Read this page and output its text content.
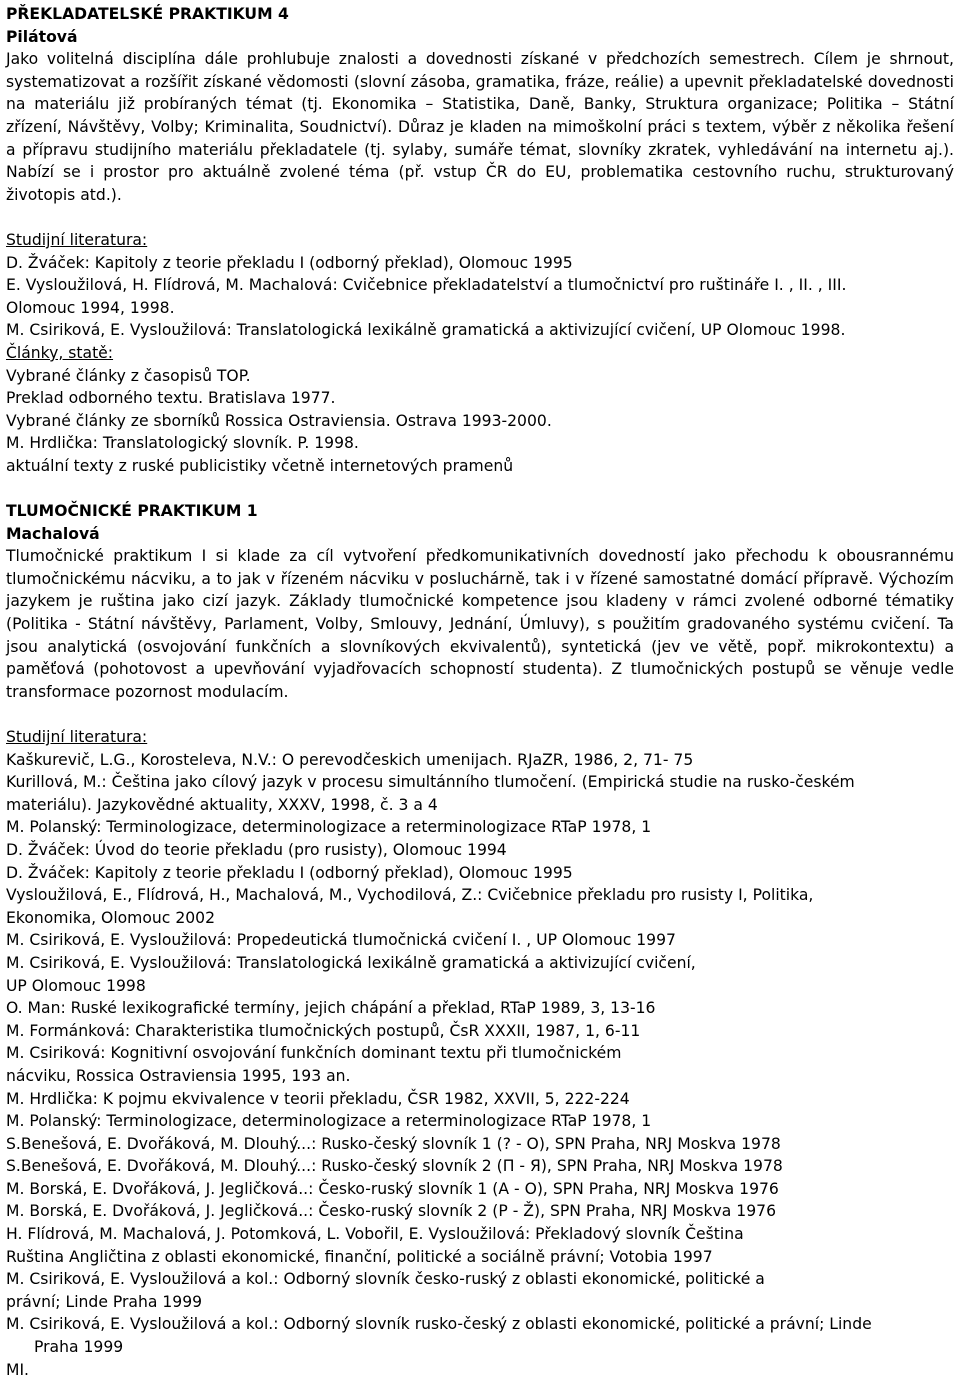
PŘEKLADATELSKÉ PRAKTIKUM 4
Pilátová

Jako volitelná disciplína dále prohlubuje znalosti a dovednosti získané v předchozích semestrech. Cílem je shrnout, systematizovat a rozšířit získané vědomosti (slovní zásoba, gramatika, fráze, reálie) a upevnit překladatelské dovednosti na materiálu již probíraných témat (tj. Ekonomika – Statistika, Daně, Banky, Struktura organizace; Politika – Státní zřízení, Návštěvy, Volby; Kriminalita, Soudnictví). Důraz je kladen na mimoškolní práci s textem, výběr z několika řešení a přípravu studijního materiálu překladatele (tj. sylaby, sumáře témat, slovníky zkratek, vyhledávání na internetu aj.). Nabízí se i prostor pro aktuálně zvolené téma (př. vstup ČR do EU, problematika cestovního ruchu, strukturovaný životopis atd.).

Studijní literatura:
D. Žváček: Kapitoly z teorie překladu I (odborný překlad), Olomouc 1995
E. Vysloužilová, H. Flídrová, M. Machalová: Cvičebnice překladatelství a tlumočnictví pro ruštináře I. , II. , III.
Olomouc 1994, 1998.
M. Csiriková, E. Vysloužilová: Translatologická lexikálně gramatická a aktivizující cvičení, UP Olomouc 1998.
Články, statě:
Vybrané články z časopisů TOP.
Preklad odborného textu. Bratislava 1977.
Vybrané články ze sborníků Rossica Ostraviensia. Ostrava 1993-2000.
M. Hrdlička: Translatologický slovník. P. 1998.
aktuální texty z ruské publicistiky včetně internetových pramenů
TLUMOČNICKÉ PRAKTIKUM 1
Machalová

Tlumočnické praktikum I si klade za cíl vytvoření předkomunikativních dovedností jako přechodu k obousrannému tlumočnickému nácviku, a to jak v řízeném nácviku v posluchárně, tak i v řízené samostatné domácí přípravě. Výchozím jazykem je ruština jako cizí jazyk. Základy tlumočnické kompetence jsou kladeny v rámci zvolené odborné tématiky (Politika - Státní návštěvy, Parlament, Volby, Smlouvy, Jednání, Úmluvy), s použitím gradovaného systému cvičení. Ta jsou analytická (osvojování funkčních a slovníkových ekvivalentů), syntetická (jev ve větě, popř. mikrokontextu) a paměťová (pohotovost a upevňování vyjadřovacích schopností studenta). Z tlumočnických postupů se věnuje vedle transformace pozornost modulacím.

Studijní literatura:
Kaškurevič, L.G., Korosteleva, N.V.: O perevodčeskich umenijach. RJaZR, 1986, 2, 71- 75
Kurillová, M.: Čeština jako cílový jazyk v procesu simultánního tlumočení. (Empirická studie na rusko-českém
materiálu). Jazykovědné aktuality, XXXV, 1998, č. 3 a 4
M. Polanský: Terminologizace, determinologizace a reterminologizace RTaP 1978, 1
D. Žváček: Úvod do teorie překladu (pro rusisty), Olomouc 1994
D. Žváček: Kapitoly z teorie překladu I (odborný překlad), Olomouc 1995
Vysloužilová, E., Flídrová, H., Machalová, M., Vychodilová, Z.: Cvičebnice překladu pro rusisty I, Politika,
Ekonomika, Olomouc 2002
M. Csiriková, E. Vysloužilová: Propedeutická tlumočnická cvičení I. , UP Olomouc 1997
M. Csiriková, E. Vysloužilová: Translatologická lexikálně gramatická a aktivizující cvičení,
UP Olomouc 1998
O. Man: Ruské lexikografické termíny, jejich chápání a překlad, RTaP 1989, 3, 13-16
M. Formánková: Charakteristika tlumočnických postupů, ČsR XXXII, 1987, 1, 6-11
M. Csiriková: Kognitivní osvojování funkčních dominant textu při tlumočnickém
nácviku, Rossica Ostraviensia 1995, 193 an.
M. Hrdlička: K pojmu ekvivalence v teorii překladu, ČSR 1982, XXVII, 5, 222-224
M. Polanský: Terminologizace, determinologizace a reterminologizace RTaP 1978, 1
S.Benešová, E. Dvořáková, M. Dlouhý...: Rusko-český slovník 1 (? - O), SPN Praha, NRJ Moskva 1978
S.Benešová, E. Dvořáková, M. Dlouhý...: Rusko-český slovník 2 (П - Я), SPN Praha, NRJ Moskva 1978
M. Borská, E. Dvořáková, J. Jegličková..: Česko-ruský slovník 1 (A - O), SPN Praha, NRJ Moskva 1976
M. Borská, E. Dvořáková, J. Jegličková..: Česko-ruský slovník 2 (P - Ž), SPN Praha, NRJ Moskva 1976
H. Flídrová, M. Machalová, J. Potomková, L. Vobořil, E. Vysloužilová: Překladový slovník Čeština
Ruština Angličtina z oblasti ekonomické, finanční, politické a sociálně právní; Votobia 1997
M. Csiriková, E. Vysloužilová a kol.: Odborný slovník česko-ruský z oblasti ekonomické, politické a
právní; Linde Praha 1999
M. Csiriková, E. Vysloužilová a kol.: Odborný slovník rusko-český z oblasti ekonomické, politické a právní; Linde
Praha 1999
MI.
